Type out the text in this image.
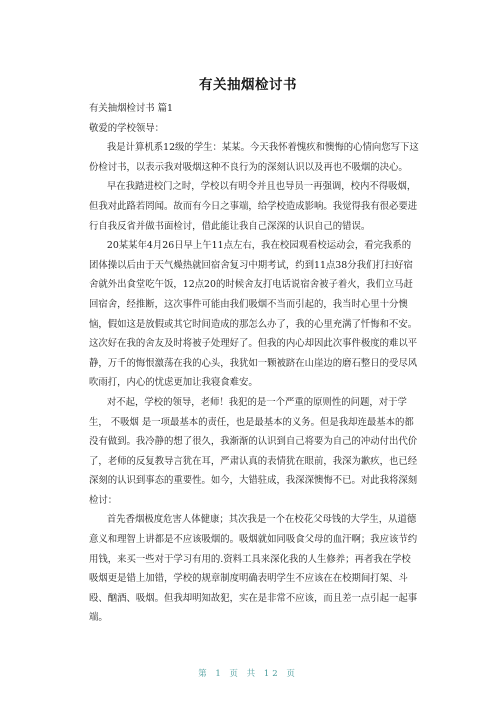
有关抽烟检讨书

有关抽烟检讨书 篇1

敬爱的学校领导：

我是计算机系12级的学生：某某。今天我怀着愧疚和懊悔的心情向您写下这份检讨书，以表示我对吸烟这种不良行为的深刻认识以及再也不吸烟的决心。

早在我踏进校门之时，学校以有明令并且也导员一再强调，校内不得吸烟，但我对此路若罔闻。故而有今日之事端，给学校造成影响。我觉得我有很必要进行自我反省并做书面检讨，借此能让我自己深深的认识自己的错误。

20某某年4月26日早上午11点左右，我在校园观看校运动会，看完我系的团体操以后由于天气燥热就回宿舍复习中期考试，约到11点38分我们打扫好宿舍就外出食堂吃午饭，12点20的时候舍友打电话说宿舍被子着火，我们立马赶回宿舍，经推断，这次事件可能由我们吸烟不当而引起的，我当时心里十分懊恼，假如这是放假或其它时间造成的那怎么办了，我的心里充满了忏悔和不安。这次好在我的舍友及时将被子处理好了。但我的内心却因此次事件极度的难以平静，万千的悔恨激荡在我的心头，我犹如一颗被跻在山崖边的磨石整日的受尽风吹雨打，内心的忧虑更加让我寝食难安。

对不起，学校的领导，老师！我犯的是一个严重的原则性的问题，对于学生， 不吸烟 是一项最基本的责任，也是最基本的义务。但是我却连最基本的都没有做到。我冷静的想了很久，我渐渐的认识到自己将要为自己的冲动付出代价了，老师的反复教导言犹在耳，严肃认真的表情犹在眼前，我深为歉疚，也已经深刻的认识到事态的重要性。如今，大错驻成，我深深懊悔不已。对此我将深刻检讨：

首先香烟极度危害人体健康；其次我是一个在校花父母钱的大学生，从道德意义和理智上讲都是不应该吸烟的。吸烟就如同吸食父母的血汗啊；我应该节约用钱，来买一些对于学习有用的.资料工具来深化我的人生修养；再者我在学校吸烟更是错上加错，学校的规章制度明确表明学生不应该在在校期间打架、斗殴、酗酒、吸烟。但我却明知故犯，实在是非常不应该，而且差一点引起一起事端。

第 1 页 共 12 页
